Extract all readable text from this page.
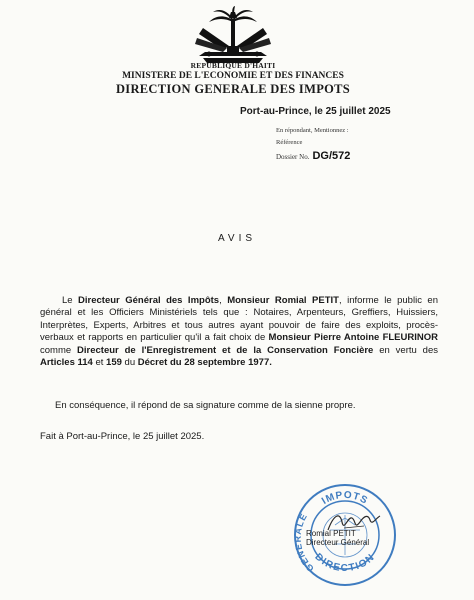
REPUBLIQUE D'HAITI
MINISTERE DE L'ECONOMIE ET DES FINANCES
DIRECTION GENERALE DES IMPOTS
Port-au-Prince, le 25 juillet 2025
En répondant, Mentionnez :
Référence
Dossier No. DG/572
AVIS
Le Directeur Général des Impôts, Monsieur Romial PETIT, informe le public en général et les Officiers Ministériels tels que : Notaires, Arpenteurs, Greffiers, Huissiers, Interprètes, Experts, Arbitres et tous autres ayant pouvoir de faire des exploits, procès-verbaux et rapports en particulier qu'il a fait choix de Monsieur Pierre Antoine FLEURINOR comme Directeur de l'Enregistrement et de la Conservation Foncière en vertu des Articles 114 et 159 du Décret du 28 septembre 1977.
En conséquence, il répond de sa signature comme de la sienne propre.
Fait à Port-au-Prince, le 25 juillet 2025.
IMPOTS
DIRECTION
GENERALE
Romial PETIT
Directeur Général
